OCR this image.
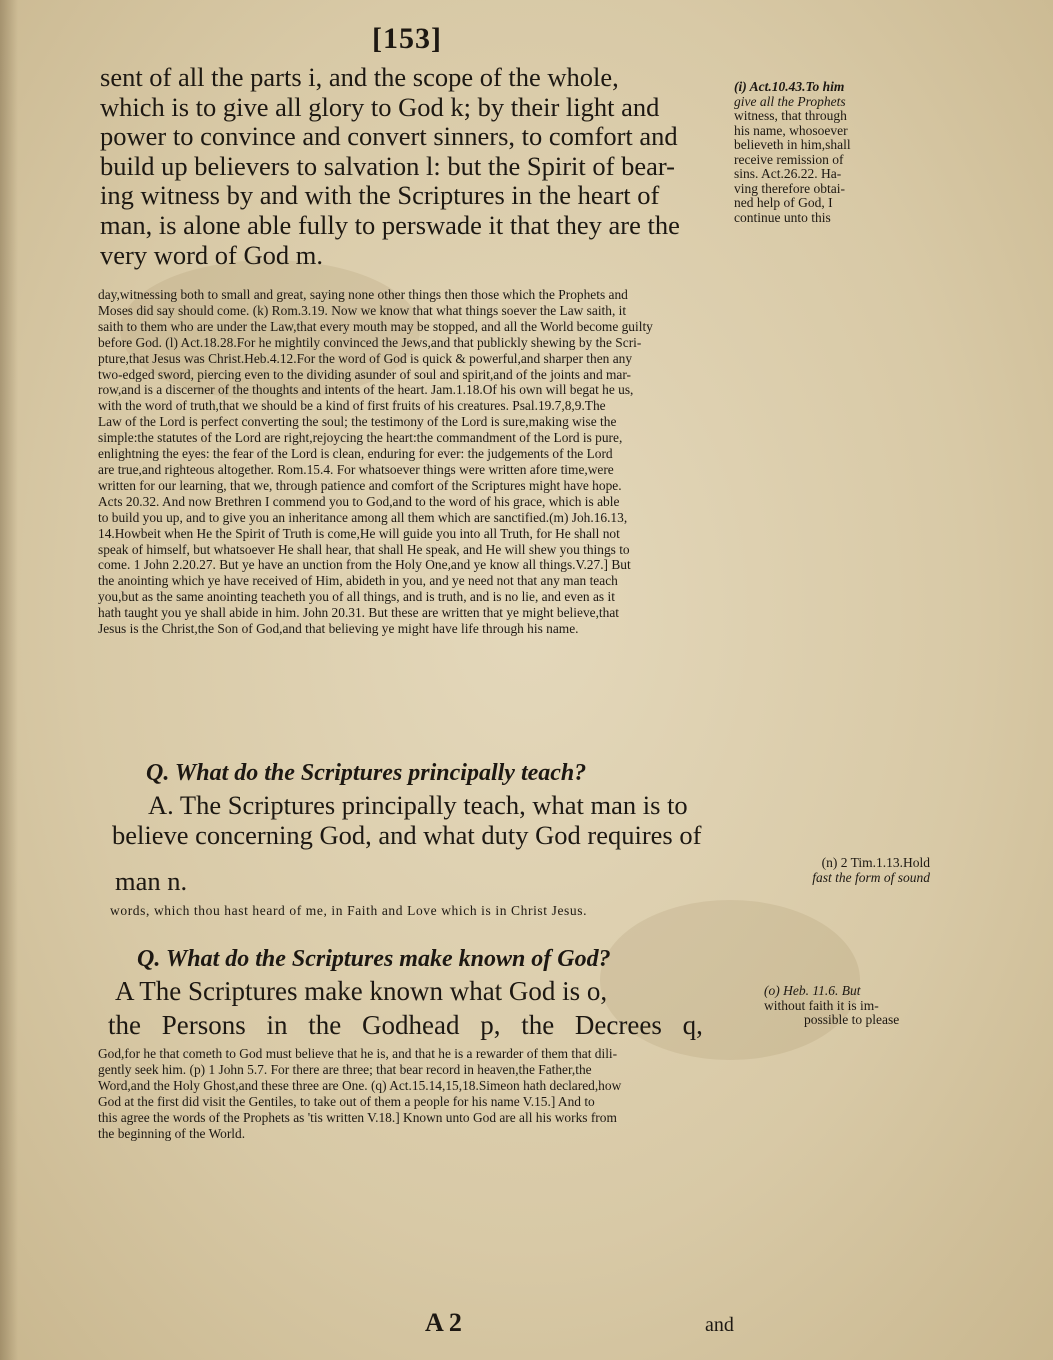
[153]
sent of all the parts i, and the scope of the whole,
which is to give all glory to God k; by their light and
power to convince and convert sinners, to comfort and
build up believers to salvation l: but the Spirit of bear-
ing witness by and with the Scriptures in the heart of
man, is alone able fully to perswade it that they are the
very word of God m.
(i) Act.10.43.To him
give all the Prophets
witness, that through
his name, whosoever
believeth in him,shall
receive remission of
sins. Act.26.22. Ha-
ving therefore obtai-
ned help of God, I
continue unto this
day,witnessing both to small and great, saying none other things then those which the Prophets and
Moses did say should come. (k) Rom.3.19. Now we know that what things soever the Law saith, it
saith to them who are under the Law,that every mouth may be stopped, and all the World become guilty
before God. (l) Act.18.28.For he mightily convinced the Jews,and that publickly shewing by the Scri-
pture,that Jesus was Christ.Heb.4.12.For the word of God is quick & powerful,and sharper then any
two-edged sword, piercing even to the dividing asunder of soul and spirit,and of the joints and mar-
row,and is a discerner of the thoughts and intents of the heart. Jam.1.18.Of his own will begat he us,
with the word of truth,that we should be a kind of first fruits of his creatures. Psal.19.7,8,9.The
Law of the Lord is perfect converting the soul; the testimony of the Lord is sure,making wise the
simple:the statutes of the Lord are right,rejoycing the heart:the commandment of the Lord is pure,
enlightning the eyes: the fear of the Lord is clean, enduring for ever: the judgements of the Lord
are true,and righteous altogether. Rom.15.4. For whatsoever things were written afore time,were
written for our learning, that we, through patience and comfort of the Scriptures might have hope.
Acts 20.32. And now Brethren I commend you to God,and to the word of his grace, which is able
to build you up, and to give you an inheritance among all them which are sanctified.(m) Joh.16.13,
14.Howbeit when He the Spirit of Truth is come,He will guide you into all Truth, for He shall not
speak of himself, but whatsoever He shall hear, that shall He speak, and He will shew you things to
come. 1 John 2.20.27. But ye have an unction from the Holy One,and ye know all things.V.27.] But
the anointing which ye have received of Him, abideth in you, and ye need not that any man teach
you,but as the same anointing teacheth you of all things, and is truth, and is no lie, and even as it
hath taught you ye shall abide in him. John 20.31. But these are written that ye might believe,that
Jesus is the Christ,the Son of God,and that believing ye might have life through his name.
Q. What do the Scriptures principally teach?
A. The Scriptures principally teach, what man is to
believe concerning God, and what duty God requires of
man n.
(n) 2 Tim.1.13.Hold
fast the form of sound
words, which thou hast heard of me, in Faith and Love which is in Christ Jesus.
Q. What do the Scriptures make known of God?
A The Scriptures make known what God is o,
the Persons in the Godhead p, the Decrees q,
(o) Heb. 11.6. But
without faith it is im-
possible to please
God,for he that cometh to God must believe that he is, and that he is a rewarder of them that dili-
gently seek him. (p) 1 John 5.7. For there are three; that bear record in heaven,the Father,the
Word,and the Holy Ghost,and these three are One. (q) Act.15.14,15,18.Simeon hath declared,how
God at the first did visit the Gentiles, to take out of them a people for his name V.15.] And to
this agree the words of the Prophets as 'tis written V.18.] Known unto God are all his works from
the beginning of the World.
A 2	and
